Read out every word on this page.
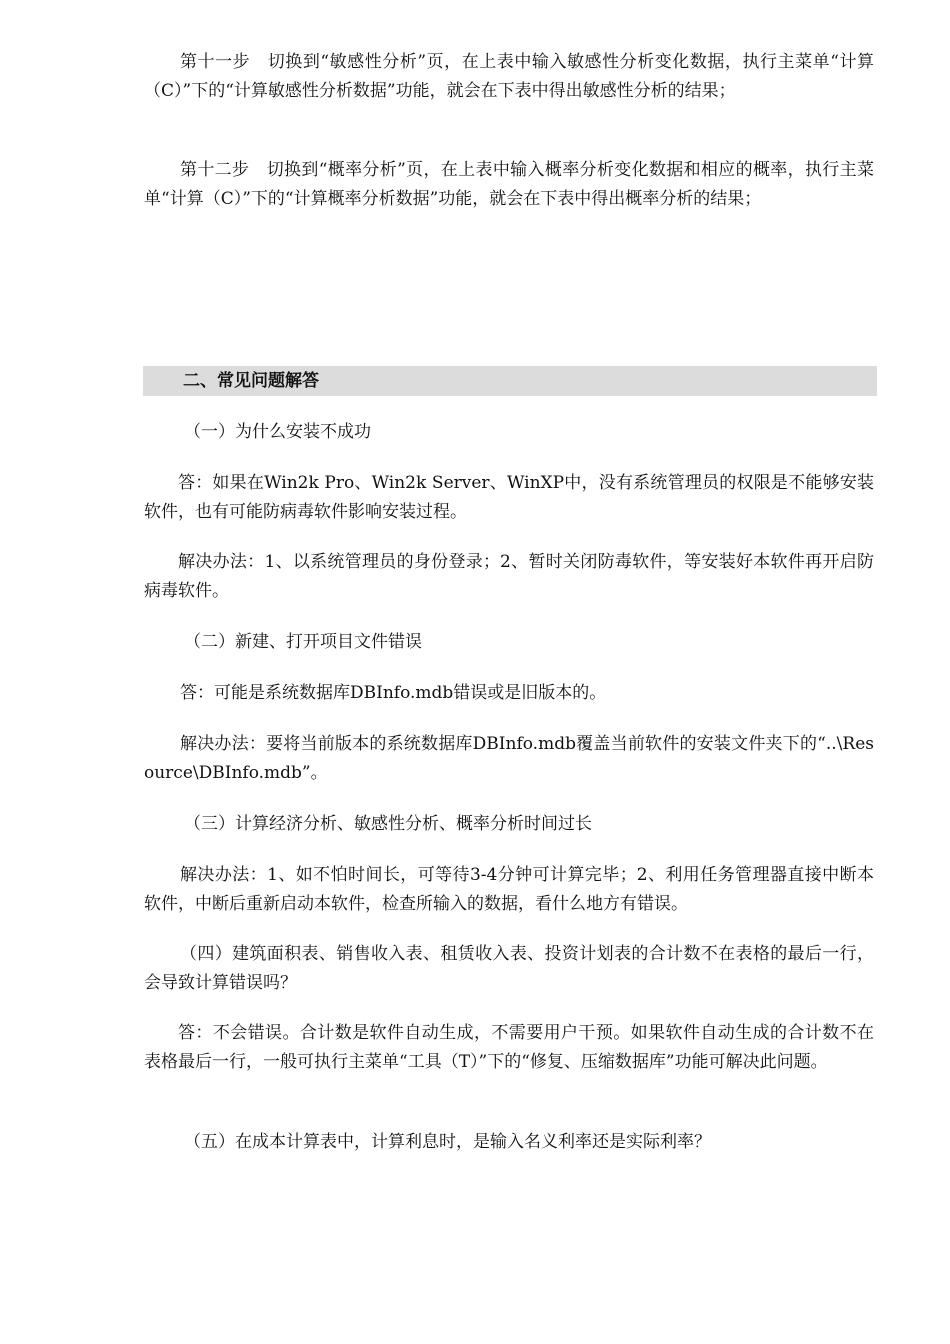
第十一步　切换到“敏感性分析”页，在上表中输入敏感性分析变化数据，执行主菜单“计算（C）”下的“计算敏感性分析数据”功能，就会在下表中得出敏感性分析的结果；

第十二步　切换到“概率分析”页，在上表中输入概率分析变化数据和相应的概率，执行主菜单“计算（C）”下的“计算概率分析数据”功能，就会在下表中得出概率分析的结果；

二、常见问题解答

（一）为什么安装不成功

答：如果在Win2k Pro、Win2k Server、WinXP中，没有系统管理员的权限是不能够安装软件，也有可能防病毒软件影响安装过程。

解决办法：1、以系统管理员的身份登录；2、暂时关闭防毒软件，等安装好本软件再开启防病毒软件。

（二）新建、打开项目文件错误

答：可能是系统数据库DBInfo.mdb错误或是旧版本的。

解决办法：要将当前版本的系统数据库DBInfo.mdb覆盖当前软件的安装文件夹下的“..\Resource\DBInfo.mdb”。

（三）计算经济分析、敏感性分析、概率分析时间过长

解决办法：1、如不怕时间长，可等待3-4分钟可计算完毕；2、利用任务管理器直接中断本软件，中断后重新启动本软件，检查所输入的数据，看什么地方有错误。

（四）建筑面积表、销售收入表、租赁收入表、投资计划表的合计数不在表格的最后一行，会导致计算错误吗？

答：不会错误。合计数是软件自动生成，不需要用户干预。如果软件自动生成的合计数不在表格最后一行，一般可执行主菜单“工具（T）”下的“修复、压缩数据库”功能可解决此问题。

（五）在成本计算表中，计算利息时，是输入名义利率还是实际利率？
